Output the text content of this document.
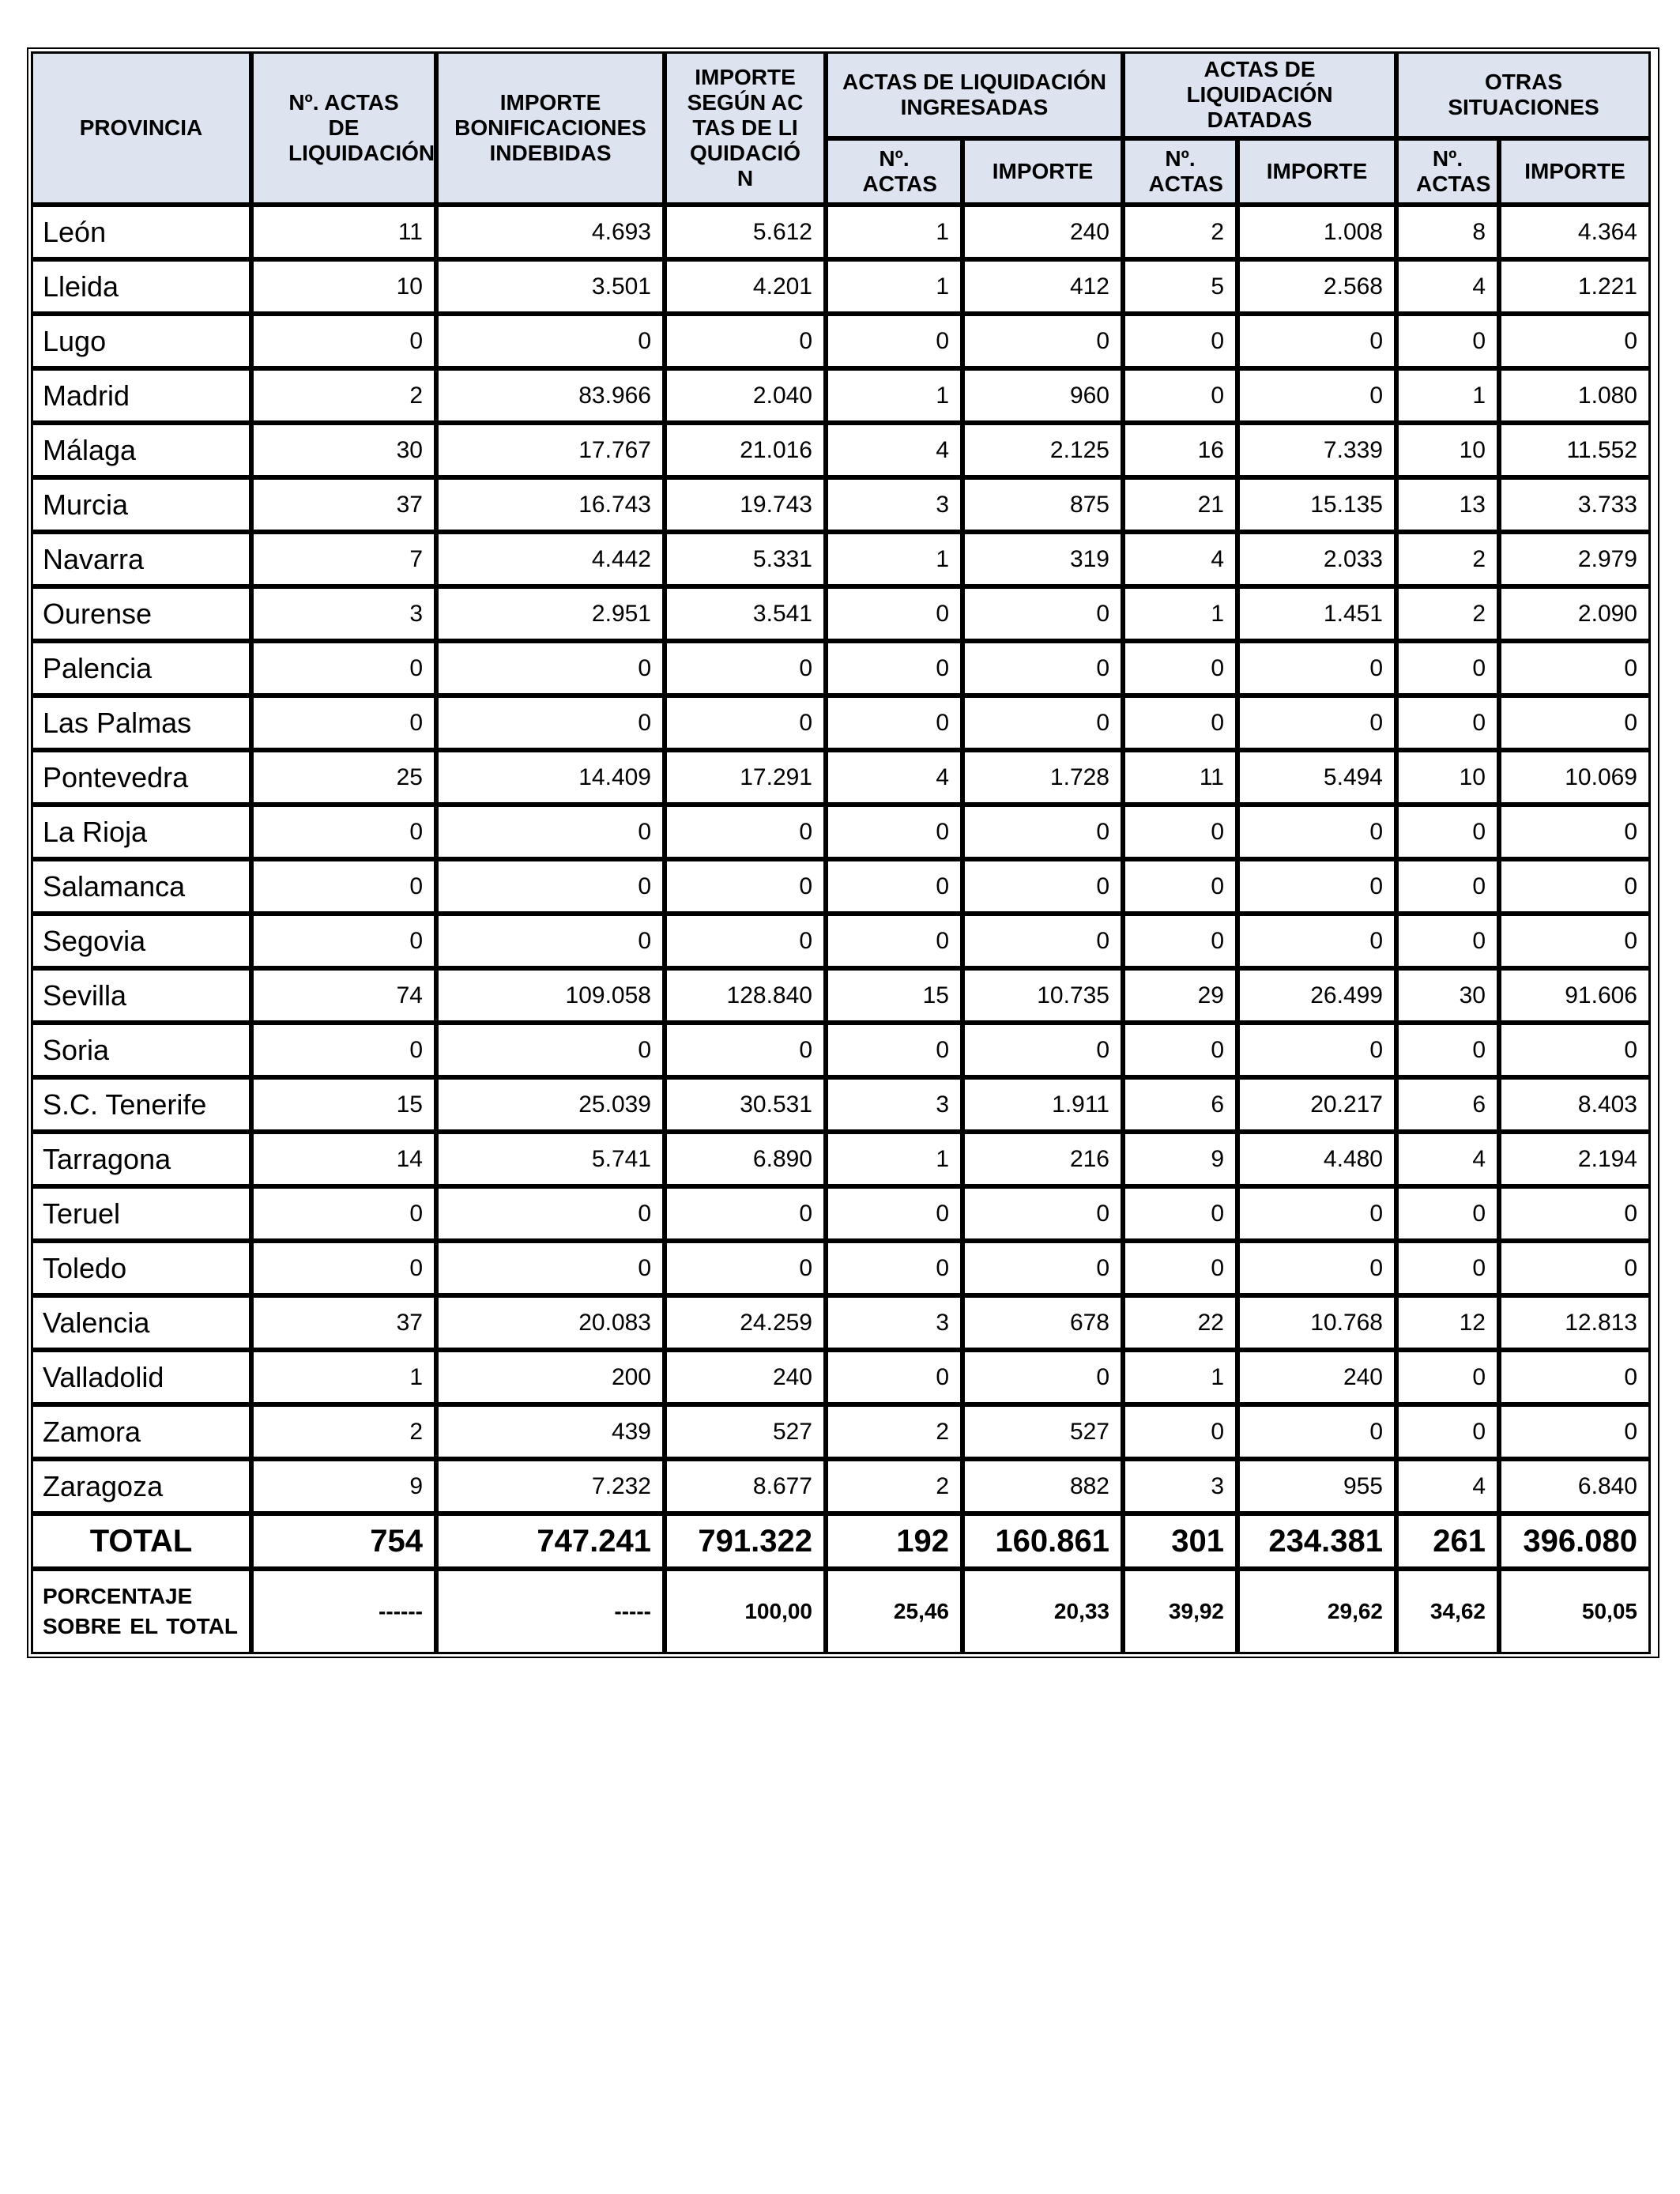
PROVINCIA	Nº. ACTAS DE LIQUIDACIÓN	IMPORTE BONIFICACIONES INDEBIDAS	IMPORTE SEGÚN ACTAS DE LIQUIDACIÓN	ACTAS DE LIQUIDACIÓN INGRESADAS		ACTAS DE LIQUIDACIÓN DATADAS		OTRAS SITUACIONES	

				Nº. ACTAS	IMPORTE	Nº. ACTAS	IMPORTE	Nº. ACTAS	IMPORTE
León	11	4.693	5.612	1	240	2	1.008	8	4.364
Lleida	10	3.501	4.201	1	412	5	2.568	4	1.221
Lugo	0	0	0	0	0	0	0	0	0
Madrid	2	83.966	2.040	1	960	0	0	1	1.080
Málaga	30	17.767	21.016	4	2.125	16	7.339	10	11.552
Murcia	37	16.743	19.743	3	875	21	15.135	13	3.733
Navarra	7	4.442	5.331	1	319	4	2.033	2	2.979
Ourense	3	2.951	3.541	0	0	1	1.451	2	2.090
Palencia	0	0	0	0	0	0	0	0	0
Las Palmas	0	0	0	0	0	0	0	0	0
Pontevedra	25	14.409	17.291	4	1.728	11	5.494	10	10.069
La Rioja	0	0	0	0	0	0	0	0	0
Salamanca	0	0	0	0	0	0	0	0	0
Segovia	0	0	0	0	0	0	0	0	0
Sevilla	74	109.058	128.840	15	10.735	29	26.499	30	91.606
Soria	0	0	0	0	0	0	0	0	0
S.C. Tenerife	15	25.039	30.531	3	1.911	6	20.217	6	8.403
Tarragona	14	5.741	6.890	1	216	9	4.480	4	2.194
Teruel	0	0	0	0	0	0	0	0	0
Toledo	0	0	0	0	0	0	0	0	0
Valencia	37	20.083	24.259	3	678	22	10.768	12	12.813
Valladolid	1	200	240	0	0	1	240	0	0
Zamora	2	439	527	2	527	0	0	0	0
Zaragoza	9	7.232	8.677	2	882	3	955	4	6.840
TOTAL	754	747.241	791.322	192	160.861	301	234.381	261	396.080
PORCENTAJE SOBRE EL TOTAL	------	-----	100,00	25,46	20,33	39,92	29,62	34,62	50,05
